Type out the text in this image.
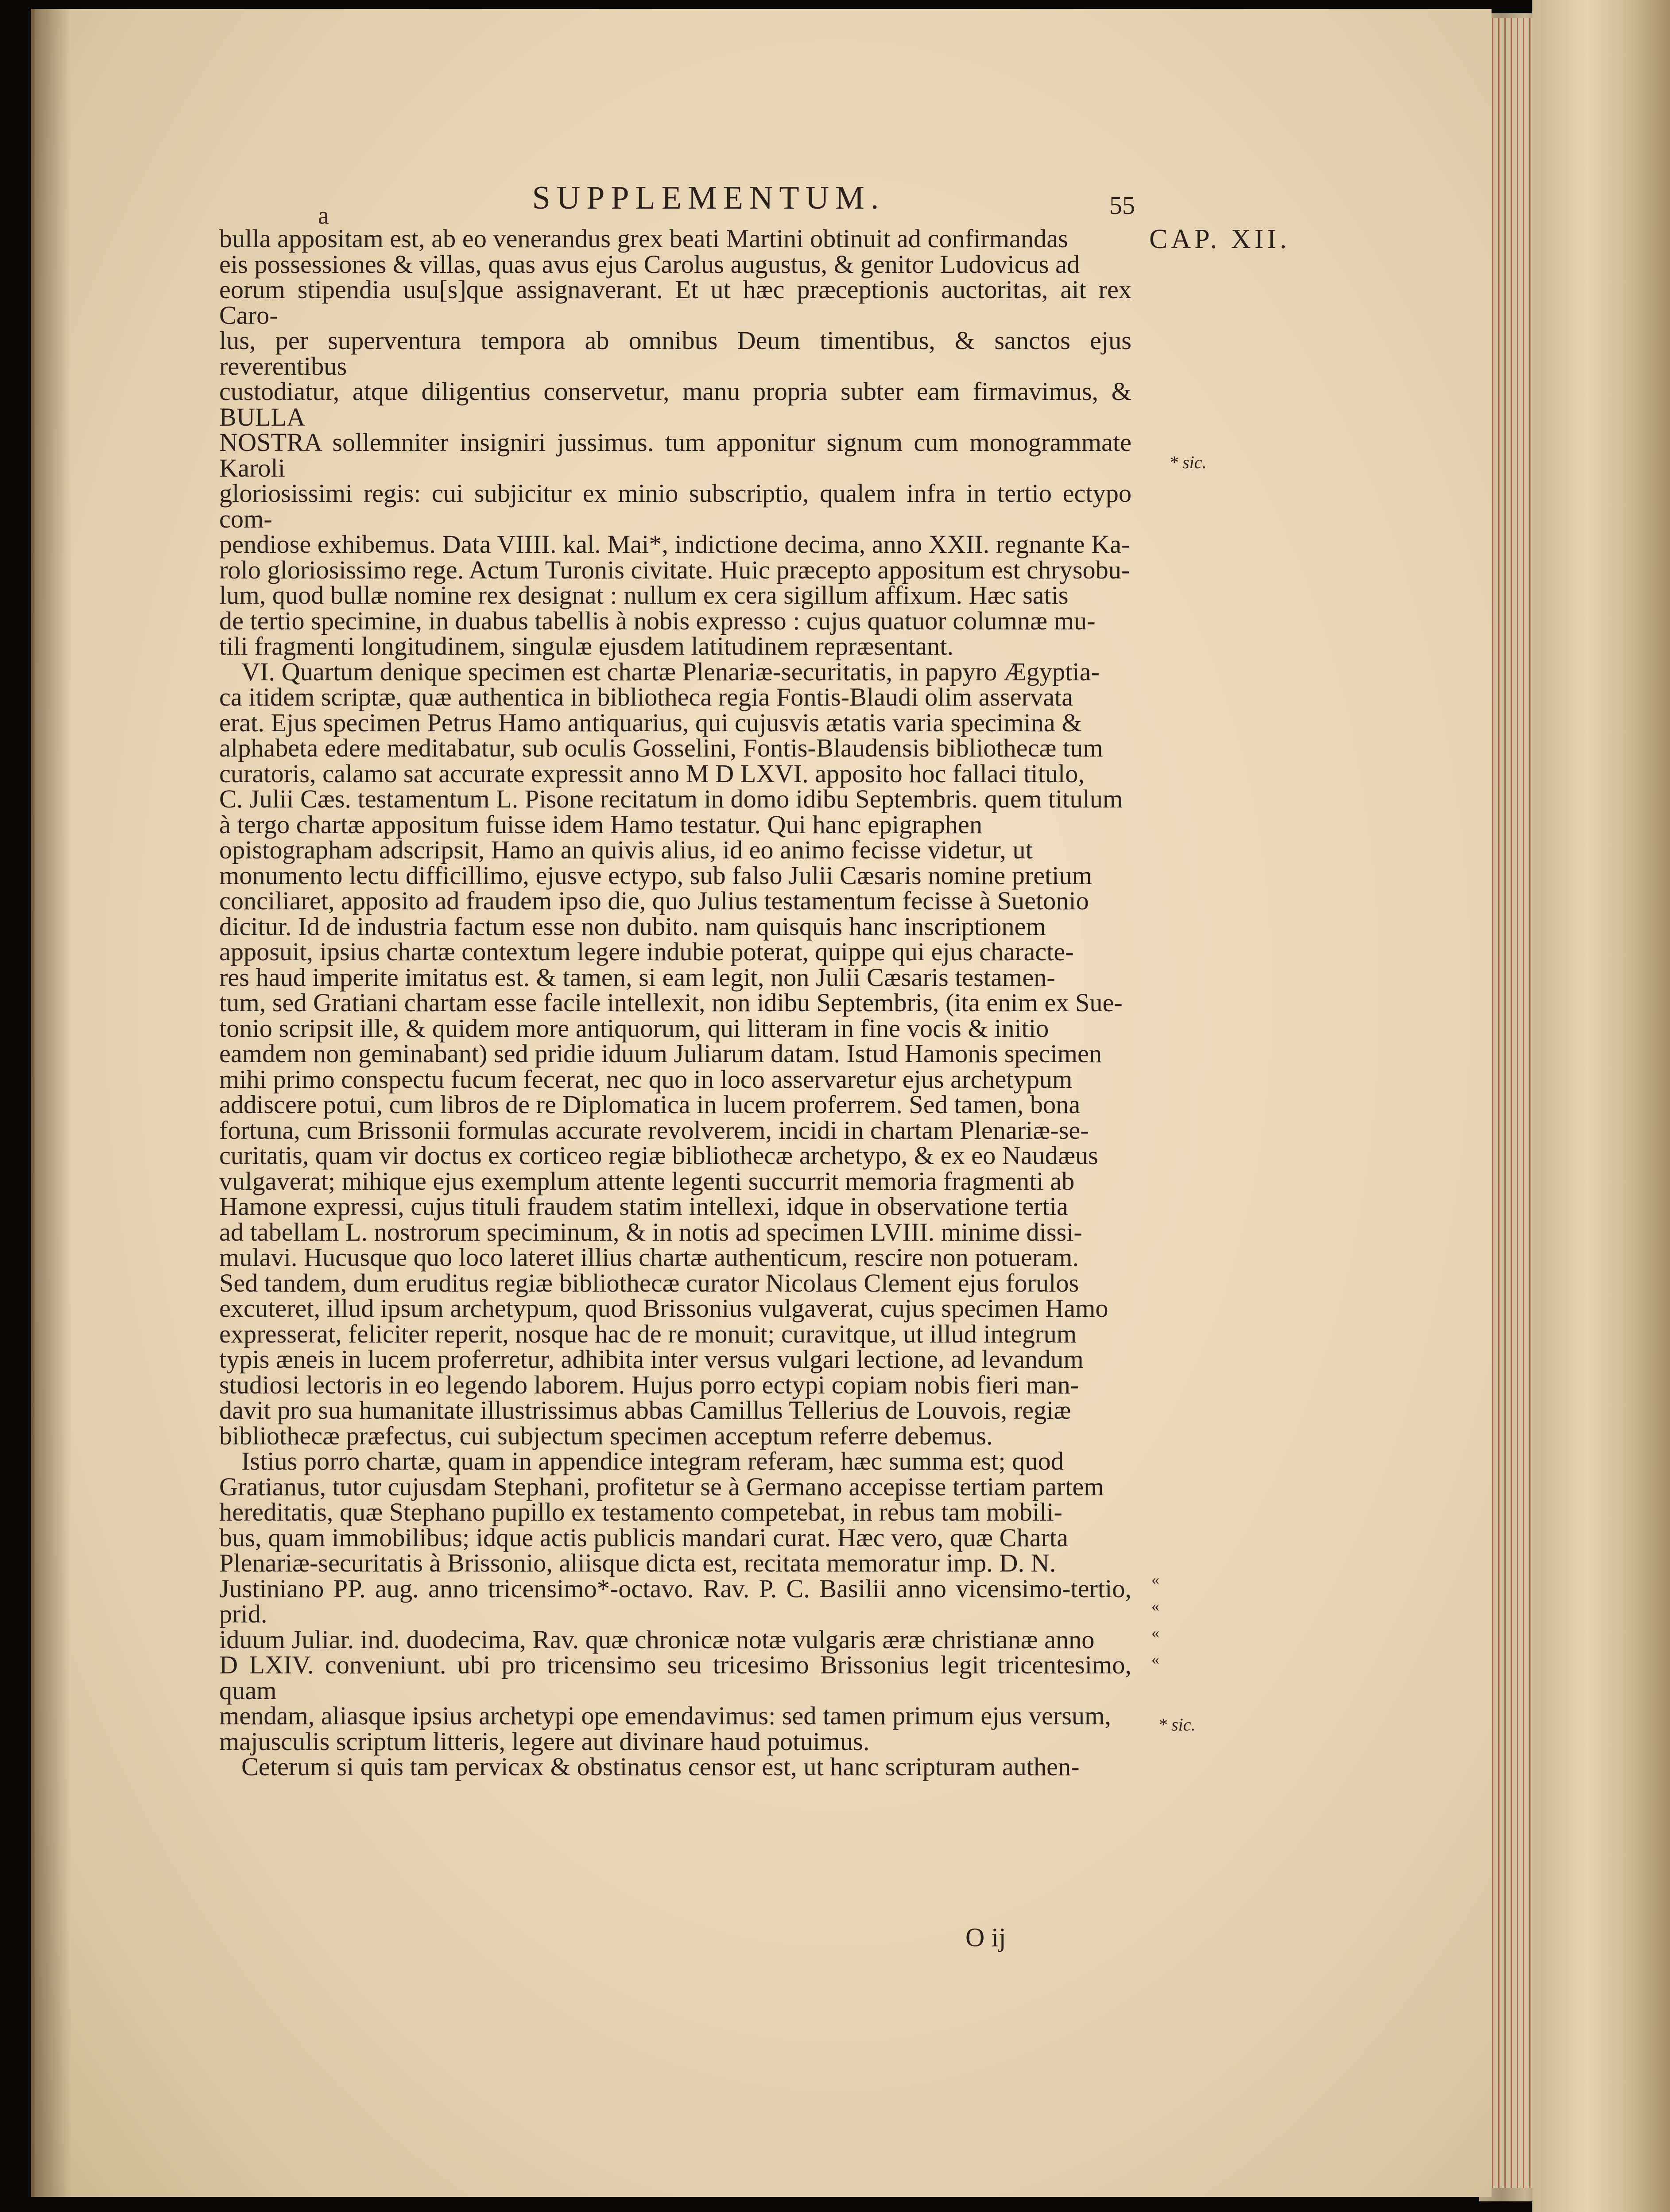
SUPPLEMENTUM.	55
CAP. XII.
a

bulla appositam est, ab eo venerandus grex beati Martini obtinuit ad confirmandas

eis possessiones & villas, quas avus ejus Carolus augustus, & genitor Ludovicus ad

eorum stipendia usu[s]que assignaverant. Et ut hæc præceptionis auctoritas, ait rex Caro-

lus, per superventura tempora ab omnibus Deum timentibus, & sanctos ejus reverentibus

custodiatur, atque diligentius conservetur, manu propria subter eam firmavimus, & BULLA

NOSTRA sollemniter insigniri jussimus. tum apponitur signum cum monogrammate Karoli

gloriosissimi regis: cui subjicitur ex minio subscriptio, qualem infra in tertio ectypo com-

pendiose exhibemus. Data VIIII. kal. Mai*, indictione decima, anno XXII. regnante Ka-

rolo gloriosissimo rege. Actum Turonis civitate. Huic præcepto appositum est chrysobu-

lum, quod bullæ nomine rex designat : nullum ex cera sigillum affixum. Hæc satis

de tertio specimine, in duabus tabellis à nobis expresso : cujus quatuor columnæ mu-

tili fragmenti longitudinem, singulæ ejusdem latitudinem repræsentant.

VI. Quartum denique specimen est chartæ Plenariæ-securitatis, in papyro Ægyptia-

ca itidem scriptæ, quæ authentica in bibliotheca regia Fontis-Blaudi olim asservata

erat. Ejus specimen Petrus Hamo antiquarius, qui cujusvis ætatis varia specimina &

alphabeta edere meditabatur, sub oculis Gosselini, Fontis-Blaudensis bibliothecæ tum

curatoris, calamo sat accurate expressit anno M D LXVI. apposito hoc fallaci titulo,

C. Julii Cæs. testamentum L. Pisone recitatum in domo idibu Septembris. quem titulum

à tergo chartæ appositum fuisse idem Hamo testatur. Qui hanc epigraphen

opistographam adscripsit, Hamo an quivis alius, id eo animo fecisse videtur, ut

monumento lectu difficillimo, ejusve ectypo, sub falso Julii Cæsaris nomine pretium

conciliaret, apposito ad fraudem ipso die, quo Julius testamentum fecisse à Suetonio

dicitur. Id de industria factum esse non dubito. nam quisquis hanc inscriptionem

apposuit, ipsius chartæ contextum legere indubie poterat, quippe qui ejus characte-

res haud imperite imitatus est. & tamen, si eam legit, non Julii Cæsaris testamen-

tum, sed Gratiani chartam esse facile intellexit, non idibu Septembris, (ita enim ex Sue-

tonio scripsit ille, & quidem more antiquorum, qui litteram in fine vocis & initio

eamdem non geminabant) sed pridie iduum Juliarum datam. Istud Hamonis specimen

mihi primo conspectu fucum fecerat, nec quo in loco asservaretur ejus archetypum

addiscere potui, cum libros de re Diplomatica in lucem proferrem. Sed tamen, bona

fortuna, cum Brissonii formulas accurate revolverem, incidi in chartam Plenariæ-se-

curitatis, quam vir doctus ex corticeo regiæ bibliothecæ archetypo, & ex eo Naudæus

vulgaverat; mihique ejus exemplum attente legenti succurrit memoria fragmenti ab

Hamone expressi, cujus tituli fraudem statim intellexi, idque in observatione tertia

ad tabellam L. nostrorum speciminum, & in notis ad specimen LVIII. minime dissi-

mulavi. Hucusque quo loco lateret illius chartæ authenticum, rescire non potueram.

Sed tandem, dum eruditus regiæ bibliothecæ curator Nicolaus Clement ejus forulos

excuteret, illud ipsum archetypum, quod Brissonius vulgaverat, cujus specimen Hamo

expresserat, feliciter reperit, nosque hac de re monuit; curavitque, ut illud integrum

typis æneis in lucem proferretur, adhibita inter versus vulgari lectione, ad levandum

studiosi lectoris in eo legendo laborem. Hujus porro ectypi copiam nobis fieri man-

davit pro sua humanitate illustrissimus abbas Camillus Tellerius de Louvois, regiæ

bibliothecæ præfectus, cui subjectum specimen acceptum referre debemus.

Istius porro chartæ, quam in appendice integram referam, hæc summa est; quod

Gratianus, tutor cujusdam Stephani, profitetur se à Germano accepisse tertiam partem

hereditatis, quæ Stephano pupillo ex testamento competebat, in rebus tam mobili-

bus, quam immobilibus; idque actis publicis mandari curat. Hæc vero, quæ Charta

Plenariæ-securitatis à Brissonio, aliisque dicta est, recitata memoratur imp. D. N.

Justiniano PP. aug. anno tricensimo*-octavo. Rav. P. C. Basilii anno vicensimo-tertio, prid.

iduum Juliar. ind. duodecima, Rav. quæ chronicæ notæ vulgaris æræ christianæ anno

D LXIV. conveniunt. ubi pro tricensimo seu tricesimo Brissonius legit tricentesimo, quam

mendam, aliasque ipsius archetypi ope emendavimus: sed tamen primum ejus versum,

majusculis scriptum litteris, legere aut divinare haud potuimus.

Ceterum si quis tam pervicax & obstinatus censor est, ut hanc scripturam authen-

* sic.
* sic.
«
«
«
«
O ij
